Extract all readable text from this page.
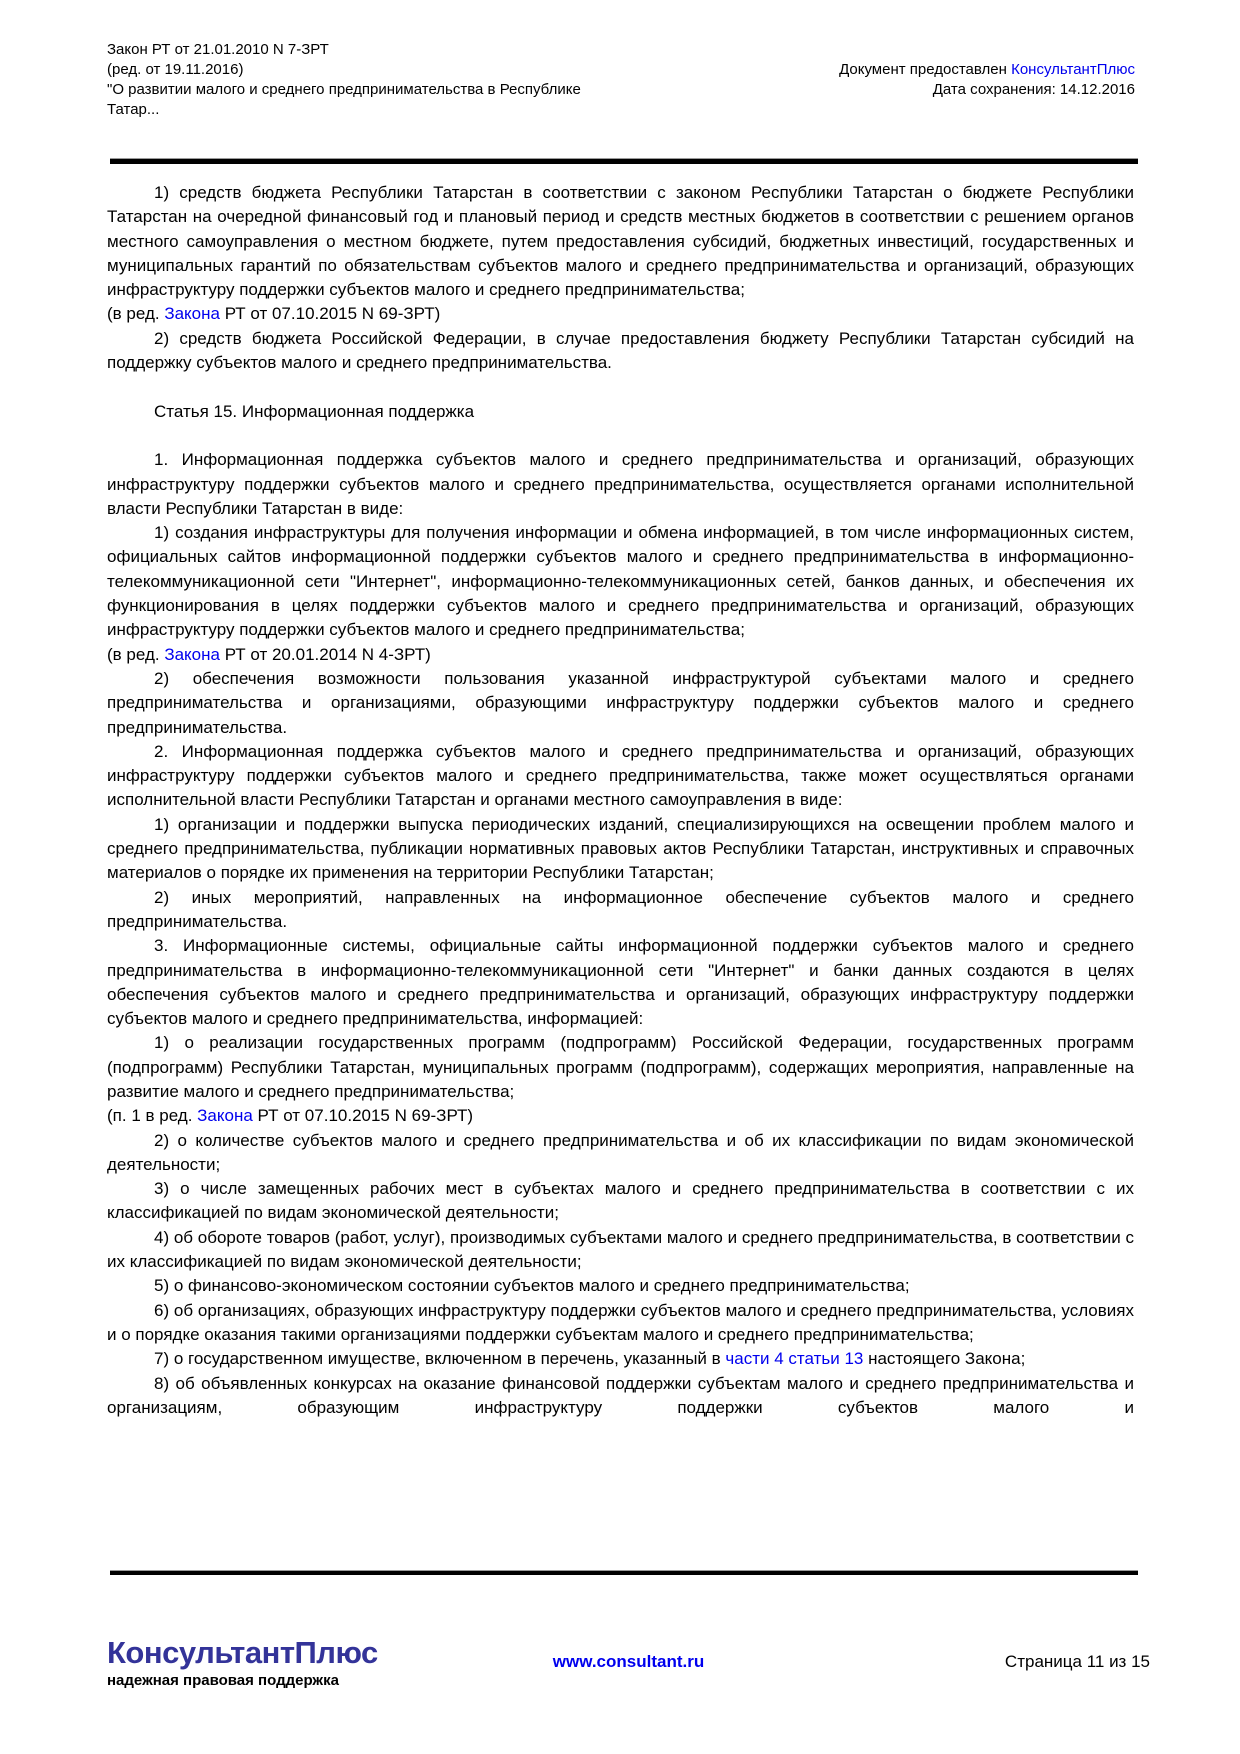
Закон РТ от 21.01.2010 N 7-ЗРТ
(ред. от 19.11.2016)
"О развитии малого и среднего предпринимательства в Республике
Татар...
Документ предоставлен КонсультантПлюс
Дата сохранения: 14.12.2016

1) средств бюджета Республики Татарстан в соответствии с законом Республики Татарстан о бюджете Республики Татарстан на очередной финансовый год и плановый период и средств местных бюджетов в соответствии с решением органов местного самоуправления о местном бюджете, путем предоставления субсидий, бюджетных инвестиций, государственных и муниципальных гарантий по обязательствам субъектов малого и среднего предпринимательства и организаций, образующих инфраструктуру поддержки субъектов малого и среднего предпринимательства;

(в ред. Закона РТ от 07.10.2015 N 69-ЗРТ)

2) средств бюджета Российской Федерации, в случае предоставления бюджету Республики Татарстан субсидий на поддержку субъектов малого и среднего предпринимательства.

Статья 15. Информационная поддержка

1. Информационная поддержка субъектов малого и среднего предпринимательства и организаций, образующих инфраструктуру поддержки субъектов малого и среднего предпринимательства, осуществляется органами исполнительной власти Республики Татарстан в виде:

1) создания инфраструктуры для получения информации и обмена информацией, в том числе информационных систем, официальных сайтов информационной поддержки субъектов малого и среднего предпринимательства в информационно-телекоммуникационной сети "Интернет", информационно-телекоммуникационных сетей, банков данных, и обеспечения их функционирования в целях поддержки субъектов малого и среднего предпринимательства и организаций, образующих инфраструктуру поддержки субъектов малого и среднего предпринимательства;

(в ред. Закона РТ от 20.01.2014 N 4-ЗРТ)

2) обеспечения возможности пользования указанной инфраструктурой субъектами малого и среднего предпринимательства и организациями, образующими инфраструктуру поддержки субъектов малого и среднего предпринимательства.

2. Информационная поддержка субъектов малого и среднего предпринимательства и организаций, образующих инфраструктуру поддержки субъектов малого и среднего предпринимательства, также может осуществляться органами исполнительной власти Республики Татарстан и органами местного самоуправления в виде:

1) организации и поддержки выпуска периодических изданий, специализирующихся на освещении проблем малого и среднего предпринимательства, публикации нормативных правовых актов Республики Татарстан, инструктивных и справочных материалов о порядке их применения на территории Республики Татарстан;

2) иных мероприятий, направленных на информационное обеспечение субъектов малого и среднего предпринимательства.

3. Информационные системы, официальные сайты информационной поддержки субъектов малого и среднего предпринимательства в информационно-телекоммуникационной сети "Интернет" и банки данных создаются в целях обеспечения субъектов малого и среднего предпринимательства и организаций, образующих инфраструктуру поддержки субъектов малого и среднего предпринимательства, информацией:

1) о реализации государственных программ (подпрограмм) Российской Федерации, государственных программ (подпрограмм) Республики Татарстан, муниципальных программ (подпрограмм), содержащих мероприятия, направленные на развитие малого и среднего предпринимательства;

(п. 1 в ред. Закона РТ от 07.10.2015 N 69-ЗРТ)

2) о количестве субъектов малого и среднего предпринимательства и об их классификации по видам экономической деятельности;

3) о числе замещенных рабочих мест в субъектах малого и среднего предпринимательства в соответствии с их классификацией по видам экономической деятельности;

4) об обороте товаров (работ, услуг), производимых субъектами малого и среднего предпринимательства, в соответствии с их классификацией по видам экономической деятельности;

5) о финансово-экономическом состоянии субъектов малого и среднего предпринимательства;

6) об организациях, образующих инфраструктуру поддержки субъектов малого и среднего предпринимательства, условиях и о порядке оказания такими организациями поддержки субъектам малого и среднего предпринимательства;

7) о государственном имуществе, включенном в перечень, указанный в части 4 статьи 13 настоящего Закона;

8) об объявленных конкурсах на оказание финансовой поддержки субъектам малого и среднего предпринимательства и организациям, образующим инфраструктуру поддержки субъектов малого и

КонсультантПлюс
надежная правовая поддержка
www.consultant.ru	Страница 11 из 15
